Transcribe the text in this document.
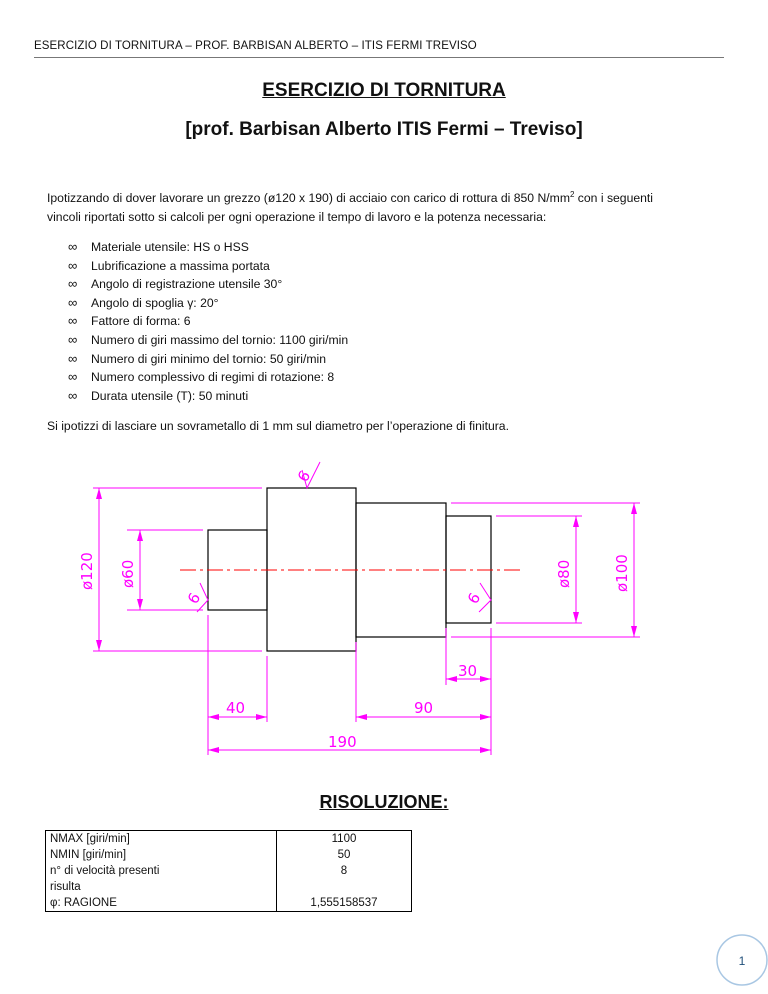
ESERCIZIO DI TORNITURA – PROF. BARBISAN ALBERTO – ITIS FERMI TREVISO
ESERCIZIO DI TORNITURA
[prof. Barbisan Alberto ITIS Fermi – Treviso]
Ipotizzando di dover lavorare un grezzo (ø120 x 190) di acciaio con carico di rottura di 850 $N/mm^2$ con i seguenti
vincoli riportati sotto si calcoli per ogni operazione il tempo di lavoro e la potenza necessaria:
∞ Materiale utensile: HS o HSS
∞ Lubrificazione a massima portata
∞ Angolo di registrazione utensile 30°
∞ Angolo di spoglia γ: 20°
∞ Fattore di forma: 6
∞ Numero di giri massimo del tornio: 1100 giri/min
∞ Numero di giri minimo del tornio: 50 giri/min
∞ Numero complessivo di regimi di rotazione: 8
∞ Durata utensile (T): 50 minuti
Si ipotizzi di lasciare un sovrametallo di 1 mm sul diametro per l’operazione di finitura.
6
6	6
ø120 ø60	ø80	ø100
30
40	90
190
RISOLUZIONE:
NMAX [giri/min]	1100
NMIN [giri/min]	50
n° di velocità presenti	8
risulta	
φ: RAGIONE	1,555158537
1
